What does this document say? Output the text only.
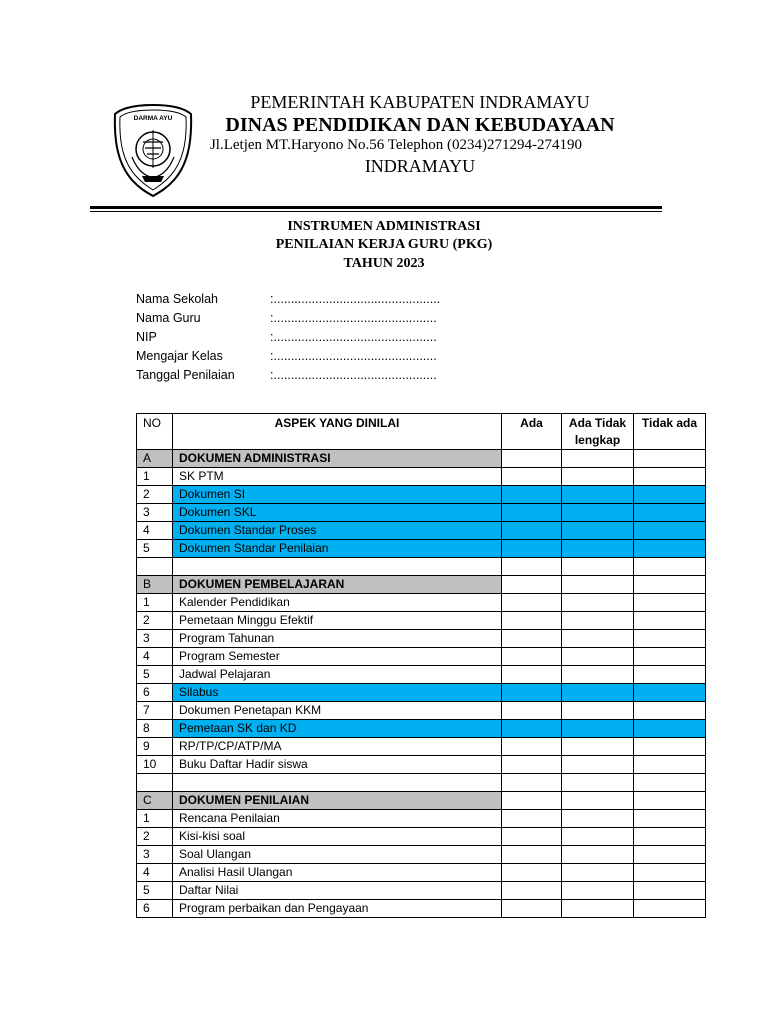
DARMA AYU
PEMERINTAH KABUPATEN INDRAMAYU
DINAS PENDIDIKAN DAN KEBUDAYAAN
Jl.Letjen MT.Haryono No.56 Telephon (0234)271294-274190
INDRAMAYU
INSTRUMEN ADMINISTRASI
PENILAIAN KERJA GURU (PKG)
TAHUN 2023
Nama Sekolah	:................................................
Nama Guru	:...............................................
NIP	:...............................................
Mengajar Kelas	:...............................................
Tanggal Penilaian	:...............................................
NO	ASPEK YANG DINILAI	Ada	Ada Tidak lengkap	Tidak ada
A	DOKUMEN ADMINISTRASI			
1	SK PTM			
2	Dokumen SI			
3	Dokumen SKL			
4	Dokumen Standar Proses			
5	Dokumen Standar Penilaian			

B	DOKUMEN PEMBELAJARAN			
1	Kalender Pendidikan			
2	Pemetaan Minggu Efektif			
3	Program Tahunan			
4	Program Semester			
5	Jadwal Pelajaran			
6	Silabus			
7	Dokumen Penetapan KKM			
8	Pemetaan SK dan KD			
9	RP/TP/CP/ATP/MA			
10	Buku Daftar Hadir siswa			

C	DOKUMEN PENILAIAN			
1	Rencana Penilaian			
2	Kisi-kisi soal			
3	Soal Ulangan			
4	Analisi Hasil Ulangan			
5	Daftar Nilai			
6	Program perbaikan dan Pengayaan			
